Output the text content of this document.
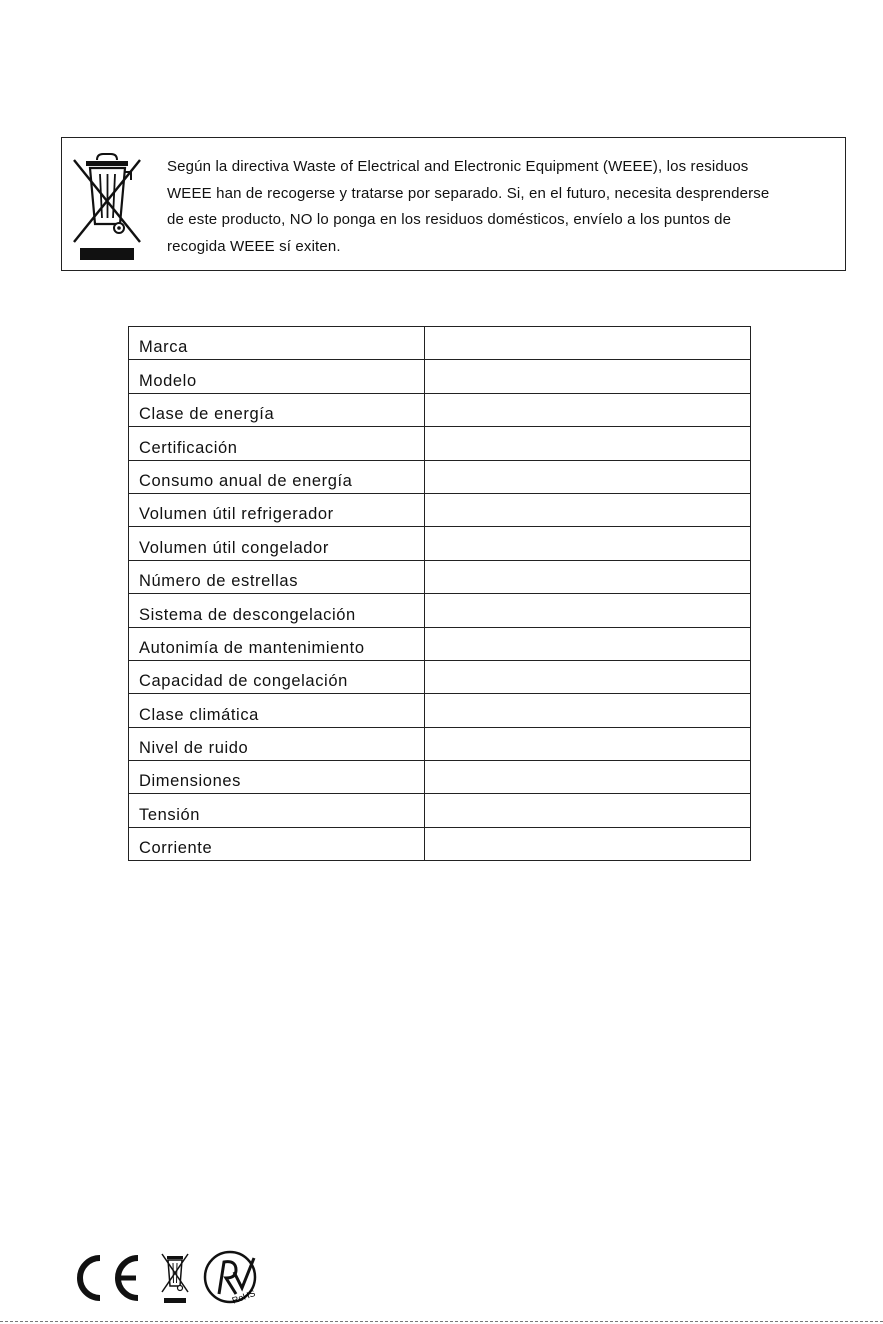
Según la directiva Waste of Electrical and Electronic Equipment (WEEE), los residuos
WEEE han de recogerse y tratarse por separado. Si, en el futuro, necesita desprenderse
de este producto, NO lo ponga en los residuos domésticos, envíelo a los puntos de
recogida WEEE sí exiten.
Marca	
Modelo	
Clase de energía	
Certificación	
Consumo anual de energía	
Volumen útil refrigerador	
Volumen útil congelador	
Número de estrellas	
Sistema de descongelación	
Autonimía de mantenimiento	
Capacidad de congelación	
Clase climática	
Nivel de ruido	
Dimensiones	
Tensión	
Corriente	
RoHS
